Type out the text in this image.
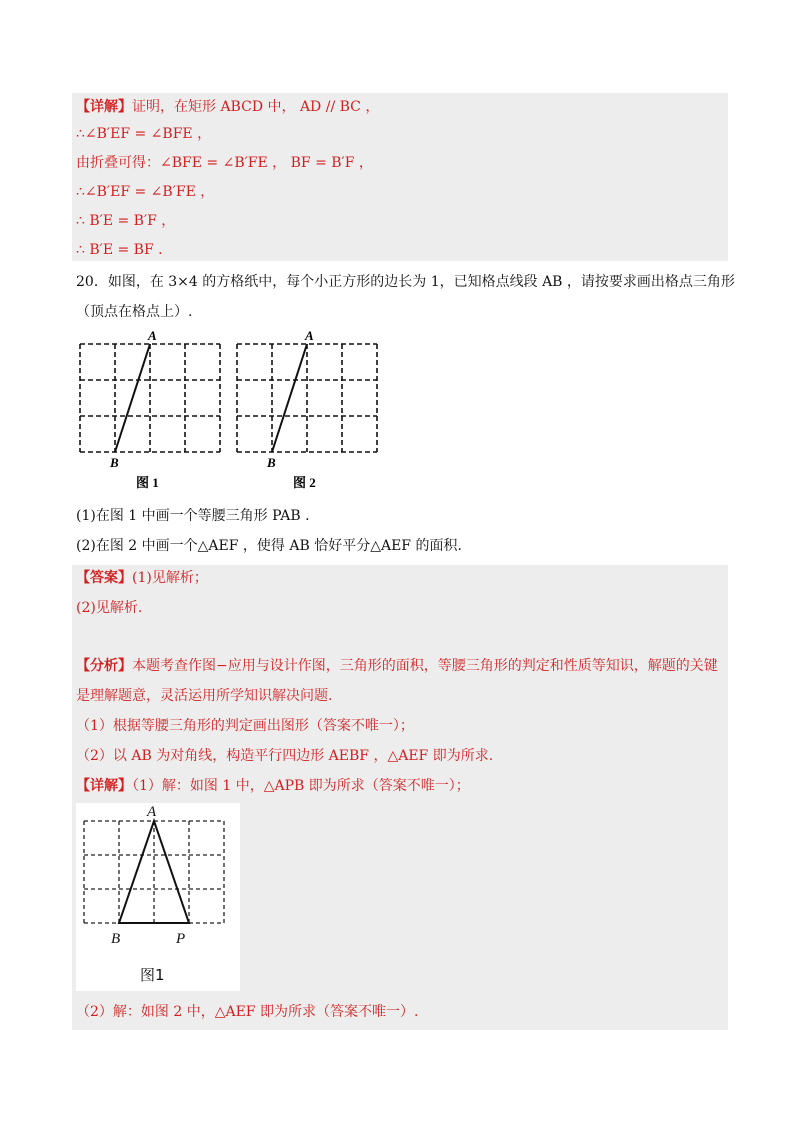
【详解】证明，在矩形 ABCD 中， AD // BC ，
∴∠B′EF = ∠BFE ，
由折叠可得：∠BFE = ∠B′FE ， BF = B′F ，
∴∠B′EF = ∠B′FE ，
∴ B′E = B′F ，
∴ B′E = BF .
20．如图，在 3×4 的方格纸中，每个小正方形的边长为 1，已知格点线段 AB ，请按要求画出格点三角形
（顶点在格点上）.
A
B
图 1
A
B
图 2
(1)在图 1 中画一个等腰三角形 PAB .
(2)在图 2 中画一个△AEF ，使得 AB 恰好平分△AEF 的面积.
【答案】(1)见解析；
(2)见解析.
【分析】本题考查作图−应用与设计作图，三角形的面积，等腰三角形的判定和性质等知识，解题的关键
是理解题意，灵活运用所学知识解决问题.
（1）根据等腰三角形的判定画出图形（答案不唯一）；
（2）以 AB 为对角线，构造平行四边形 AEBF ，△AEF 即为所求.
【详解】（1）解：如图 1 中，△APB 即为所求（答案不唯一）；
A
B	P
图1
（2）解：如图 2 中，△AEF 即为所求（答案不唯一）.
